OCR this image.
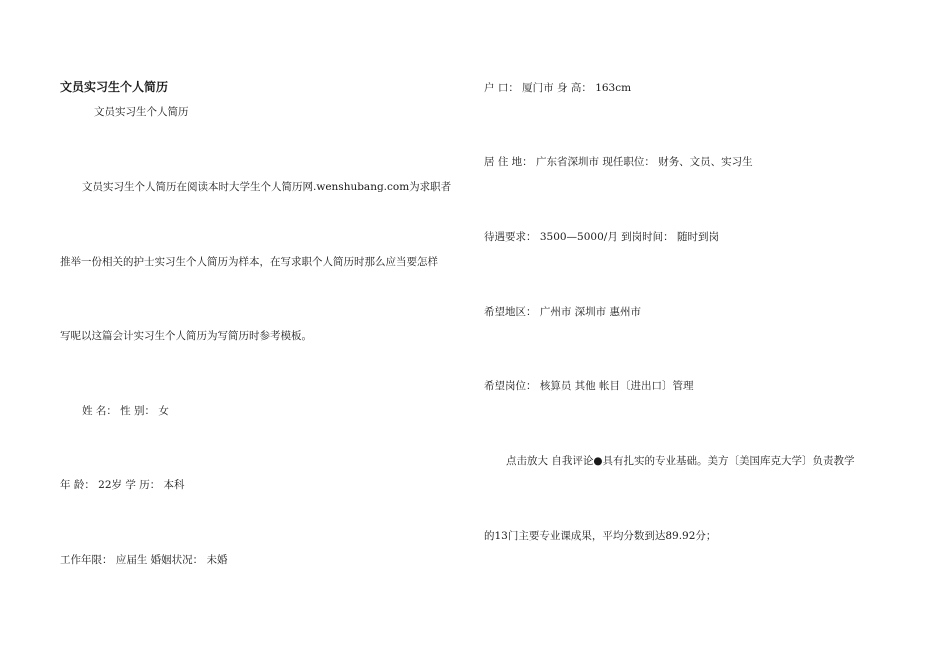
文员实习生个人简历
文员实习生个人简历
文员实习生个人简历在阅读本时大学生个人简历网.wenshubang.com为求职者
推举一份相关的护士实习生个人简历为样本，在写求职个人简历时那么应当要怎样
写呢以这篇会计实习生个人简历为写简历时参考模板。
姓 名： 性 别： 女
年 龄： 22岁 学 历： 本科
工作年限： 应届生 婚姻状况： 未婚
户 口： 厦门市 身 高： 163cm
居 住 地： 广东省深圳市 现任职位： 财务、文员、实习生
待遇要求： 3500—5000/月 到岗时间： 随时到岗
希望地区： 广州市 深圳市 惠州市
希望岗位： 核算员 其他 帐目〔进出口〕管理
点击放大 自我评论●具有扎实的专业基础。美方〔美国库克大学〕负责教学
的13门主要专业课成果，平均分数到达89.92分；
